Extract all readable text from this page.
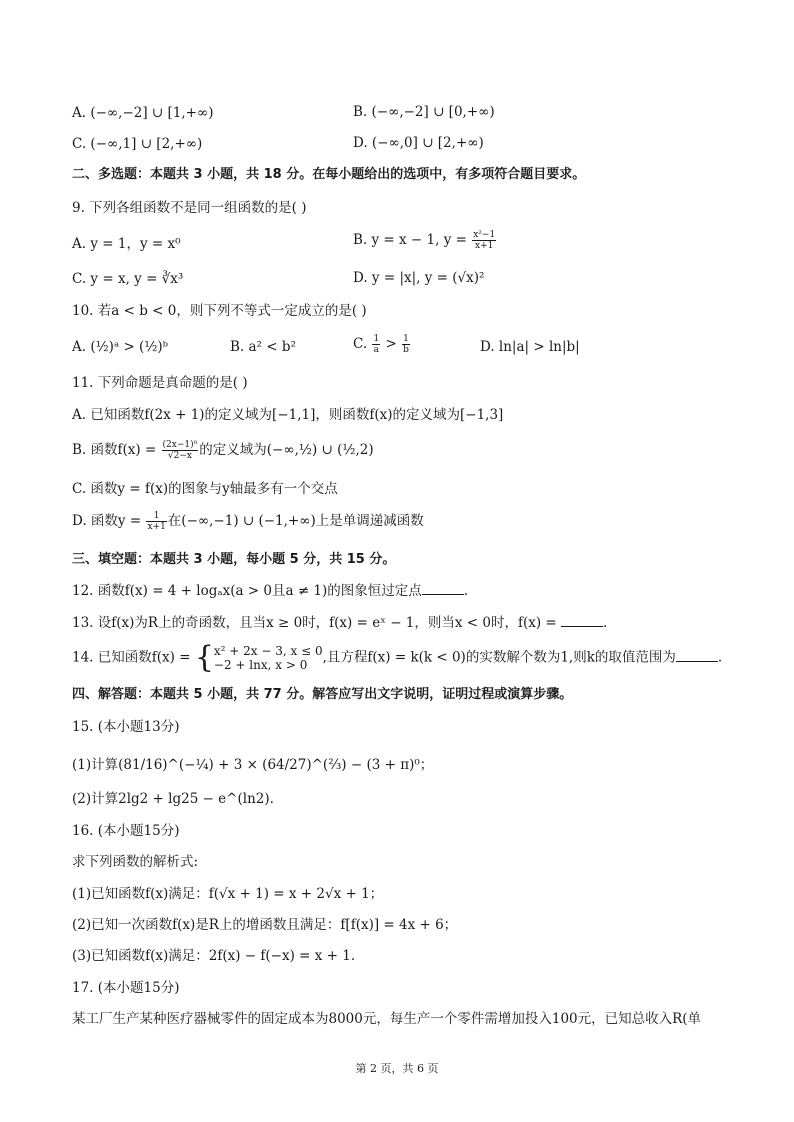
A. (−∞,−2] ∪ [1,+∞)	B. (−∞,−2] ∪ [0,+∞)
C. (−∞,1] ∪ [2,+∞)	D. (−∞,0] ∪ [2,+∞)
二、多选题：本题共 3 小题，共 18 分。在每小题给出的选项中，有多项符合题目要求。
9. 下列各组函数不是同一组函数的是( )
A. y = 1，y = x⁰	B. y = x − 1, $y = \frac{\text{x²−1}}{x+1}$
C. y = x, y = ∛x³	D. y = |x|, y = (√x)²
10. 若a < b < 0，则下列不等式一定成立的是( )
A. (½)ᵃ > (½)ᵇ	B. a² < b²	C. $\frac{1}{a} > \frac{1}{b}$	D. ln|a| > ln|b|
11. 下列命题是真命题的是( )
A. 已知函数f(2x + 1)的定义域为[−1,1]，则函数f(x)的定义域为[−1,3]
B. 函数$f(x) = \frac{\text{(2x−1)⁰}}{√2-x}$ 的定义域为(−∞,½) ∪ (½,2)
C. 函数y = f(x)的图象与y轴最多有一个交点
D. 函数$y = \frac{1}{x+1}$ 在(−∞,−1) ∪ (−1,+∞)上是单调递减函数
三、填空题：本题共 3 小题，每小题 5 分，共 15 分。
12. 函数f(x) = 4 + logₐx(a > 0且a ≠ 1)的图象恒过定点	.
13. 设f(x)为R上的奇函数，且当x ≥ 0时，f(x) = eˣ − 1，则当x < 0时，f(x) =	.
14. 已知函数f(x) = { x² + 2x − 3, x ≤ 0
−2 + lnx, x > 0	,且方程f(x) = k(k < 0)的实数解个数为1,则k的取值范围为	.
四、解答题：本题共 5 小题，共 77 分。解答应写出文字说明，证明过程或演算步骤。
15. (本小题13分)
(1)计算(81/16)^(−¼) + 3 × (64/27)^(⅔) − (3 + π)⁰；
(2)计算2lg2 + lg25 − e^(ln2).
16. (本小题15分)
求下列函数的解析式:
(1)已知函数f(x)满足：f(√x + 1) = x + 2√x + 1；
(2)已知一次函数f(x)是R上的增函数且满足：f[f(x)] = 4x + 6；
(3)已知函数f(x)满足：2f(x) − f(−x) = x + 1.
17. (本小题15分)
某工厂生产某种医疗器械零件的固定成本为8000元，每生产一个零件需增加投入100元，已知总收入R(单
第 2 页，共 6 页
